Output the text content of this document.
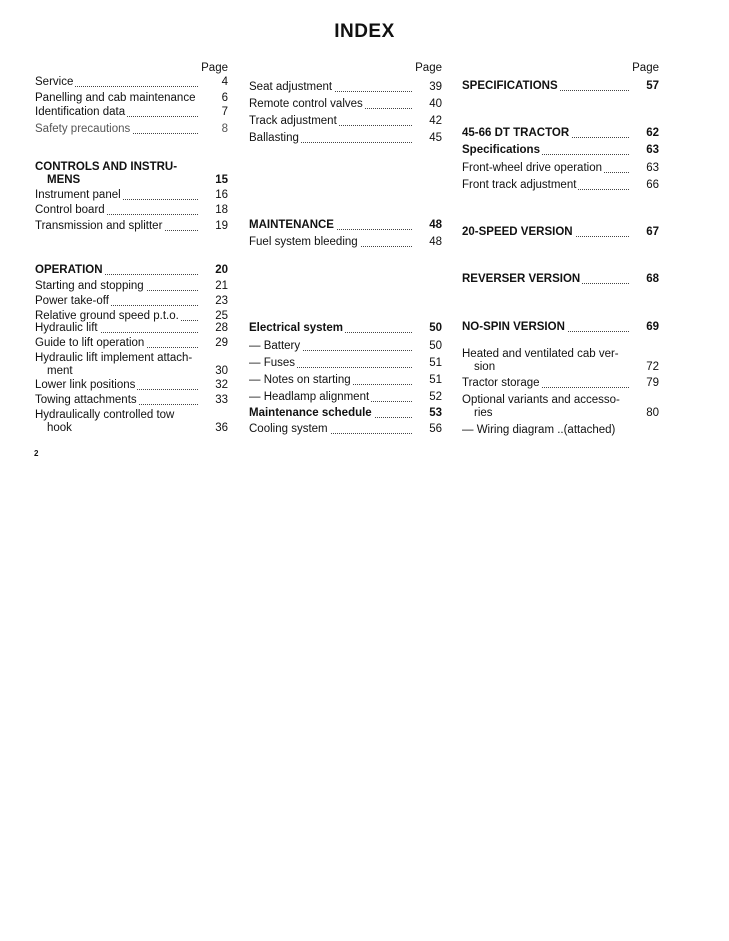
INDEX
Page
Service	4
Panelling and cab maintenance	6
Identification data	7
Safety precautions	8
CONTROLS AND INSTRU-
MENS	15
Instrument panel	16
Control board	18
Transmission and splitter	19
OPERATION	20
Starting and stopping	21
Power take-off	23
Relative ground speed p.t.o.	25
Hydraulic lift	28
Guide to lift operation	29
Hydraulic lift implement attach-
ment	30
Lower link positions	32
Towing attachments	33
Hydraulically controlled tow
hook	36
Page
Seat adjustment	39
Remote control valves	40
Track adjustment	42
Ballasting	45
MAINTENANCE	48
Fuel system bleeding	48
Electrical system	50
— Battery	50
— Fuses	51
— Notes on starting	51
— Headlamp alignment	52
Maintenance schedule	53
Cooling system	56
Page
SPECIFICATIONS	57
45-66 DT TRACTOR	62
Specifications	63
Front-wheel drive operation	63
Front track adjustment	66
20-SPEED VERSION	67
REVERSER VERSION	68
NO-SPIN VERSION	69
Heated and ventilated cab ver-
sion	72
Tractor storage	79
Optional variants and accesso-
ries	80
— Wiring diagram ..(attached)
2
